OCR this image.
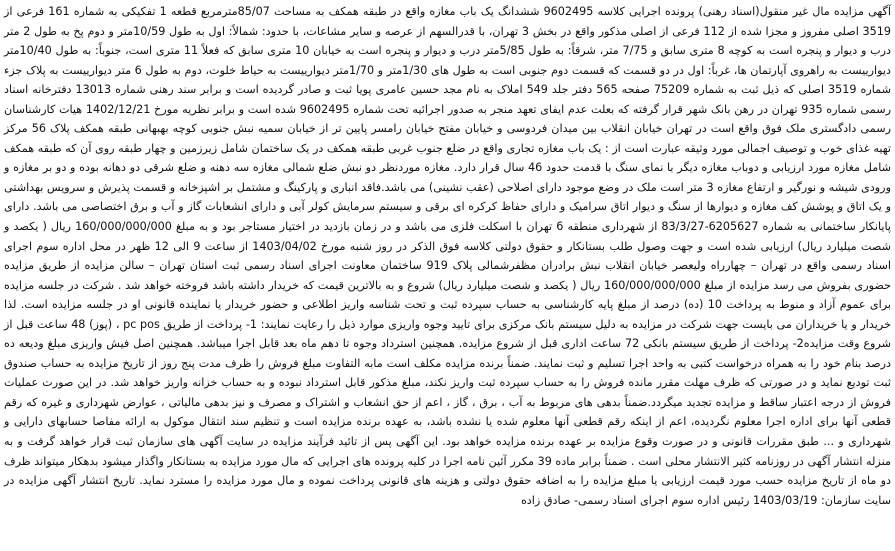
آگهی مزایده مال غیر منقول(اسناد رهنی) پرونده اجرایی کلاسه 9602495 ششدانگ یک باب مغازه واقع در طبقه همکف به مساحت 85/07مترمربع قطعه 1 تفکیکی به شماره 161 فرعی از 3519 اصلی مفروز و مجزا شده از 112 فرعی از اصلی مذکور واقع در بخش 3 تهران، با قدرالسهم از عرصه و سایر مشاعات، با حدود: شمالاً: اول به طول 10/59متر و دوم پخ به طول 2 متر درب و دیوار و پنجره است به کوچه 8 متری سابق و 7/75 متر، شرقاً: به طول 5/85متر درب و دیوار و پنجره است به خیابان 10 متری سابق که فعلاً 11 متری است، جنوباً: به طول 10/40متر دیوارییست به راهروی آپارتمان ها، غرباً: اول در دو قسمت که قسمت دوم جنوبی است به طول های 1/30متر و 1/70متر دیوارییست به حیاط خلوت، دوم به طول 6 متر دیوارییست به پلاک جزء شماره 3519 اصلی که ذیل ثبت به شماره 75209 صفحه 565 دفتر جلد 549 املاک به نام مجد حسین عامری پویا ثبت و صادر گردیده است و برابر سند رهنی شماره 13013 دفترخانه اسناد رسمی شماره 935 تهران در رهن بانک شهر قرار گرفته که بعلت عدم ایفای تعهد منجر به صدور اجرائیه تحت شماره 9602495 شده است و برابر نظریه مورخ 1402/12/21 هیات کارشناسان رسمی دادگستری ملک فوق واقع است در تهران خیابان انقلاب بین میدان فردوسی و خیابان مفتح خیابان رامسر پایین تر از خیابان سمیه نبش جنوبی کوچه بهبهانی طبقه همکف پلاک 56 مرکز تهیه غذای خوب و توصیف اجمالی مورد وثیقه عبارت است از : یک باب مغازه تجاری واقع در ضلع جنوب غربی طبقه همکف در یک ساختمان شامل زیرزمین و چهار طبقه روی آن که طبقه همکف شامل مغازه مورد ارزیابی و دوباب مغازه دیگر با نمای سنگ با قدمت حدود 46 سال قرار دارد. مغازه موردنظر دو نبش ضلع شمالی مغازه سه دهنه و ضلع شرقی دو دهانه بوده و دو بر مغازه و ورودی شیشه و نورگیر و ارتفاع مغازه 3 متر است ملک در وضع موجود دارای اصلاحی (عقب نشینی) می باشد.فاقد انباری و پارکینگ و مشتمل بر اشپزخانه و قسمت پذیرش و سرویس بهداشتی و یک اتاق و پوشش کف مغازه و دیوارها از سنگ و دیوار اتاق سرامیک و دارای حفاظ کرکره ای برقی و سیستم سرمایش کولر آبی و دارای انشعابات گاز و آب و برق اختصاصی می باشد. دارای پایانکار ساختمانی به شماره 6205627-83/3/27 از شهرداری منطقه 6 تهران با اسکلت فلزی می باشد و در زمان بازدید در اختیار مستاجر بود و به مبلغ 160/000/000/000 ریال ( یکصد و شصت میلیارد ریال) ارزیابی شده است و جهت وصول طلب بستانکار و حقوق دولتی کلاسه فوق الذکر در روز شنبه مورخ 1403/04/02 از ساعت 9 الی 12 ظهر در محل اداره سوم اجرای اسناد رسمی واقع در تهران – چهارراه ولیعصر خیابان انقلاب نبش برادران مظفرشمالی پلاک 919 ساختمان معاونت اجرای اسناد رسمی ثبت استان تهران – سالن مزایده از طریق مزایده حضوری بفروش می رسد مزایده از مبلغ 160/000/000/000 ریال ( یکصد و شصت میلیارد ریال) شروع و به بالاترین قیمت که خریدار داشته باشد فروخته خواهد شد . شرکت در جلسه مزایده برای عموم آزاد و منوط به پرداخت 10 (ده) درصد از مبلغ پایه کارشناسی به حساب سپرده ثبت و تحت شناسه واریز اطلاعی و حضور خریدار یا نماینده قانونی او در جلسه مزایده است. لذا خریدار و یا خریداران می بایست جهت شرکت در مزایده به دلیل سیستم بانک مرکزی برای تایید وجوه واریزی موارد ذیل را رعایت نمایند: 1- پرداخت از طریق pc pos ، (پوز) 48 ساعت قبل از شروع وقت مزایده2- پرداخت از طریق سیستم بانکی 72 ساعت اداری قبل از شروع مزایده. همچنین استرداد وجوه تا دهم ماه بعد قابل اجرا میباشد. همچنین اصل فیش واریزی مبلغ ودیعه ده درصد بنام خود را به همراه درخواست کتبی به واحد اجرا تسلیم و ثبت نمایند. ضمناً برنده مزایده مکلف است مابه التفاوت مبلغ فروش را ظرف مدت پنج روز از تاریخ مزایده به حساب صندوق ثبت تودیع نماید و در صورتی که ظرف مهلت مقرر مانده فروش را به حساب سپرده ثبت واریز نکند، مبلغ مذکور قابل استرداد نبوده و به حساب خزانه واریز خواهد شد. در این صورت عملیات فروش از درجه اعتبار ساقط و مزایده تجدید میگردد.ضمناً بدهی های مربوط به آب ، برق ، گاز ، اعم از حق انشعاب و اشتراک و مصرف و نیز بدهی مالیاتی ، عوارض شهرداری و غیره که رقم قطعی آنها برای اداره اجرا معلوم نگردیده، اعم از اینکه رقم قطعی آنها معلوم شده یا نشده باشد، به عهده برنده مزایده است و تنظیم سند انتقال موکول به ارائه مفاصا حسابهای دارایی و شهرداری و ... طبق مقررات قانونی و در صورت وقوع مزایده بر عهده برنده مزایده خواهد بود. این آگهی پس از تائید فرآیند مزایده در سایت آگهی های سازمان ثبت قرار خواهد گرفت و به منزله انتشار آگهی در روزنامه کثیر الانتشار محلی است . ضمناً برابر ماده 39 مکرر آئین نامه اجرا در کلیه پرونده های اجرایی که مال مورد مزایده به بستانکار واگذار میشود بدهکار میتواند ظرف دو ماه از تاریخ مزایده حسب مورد قیمت ارزیابی یا مبلغ مزایده را به اضافه حقوق دولتی و هزینه های قانونی پرداخت نموده و مال مورد مزایده را مسترد نماید. تاریخ انتشار آگهی مزایده در سایت سازمان: 1403/03/19 رئیس اداره سوم اجرای اسناد رسمی- صادق زاده
